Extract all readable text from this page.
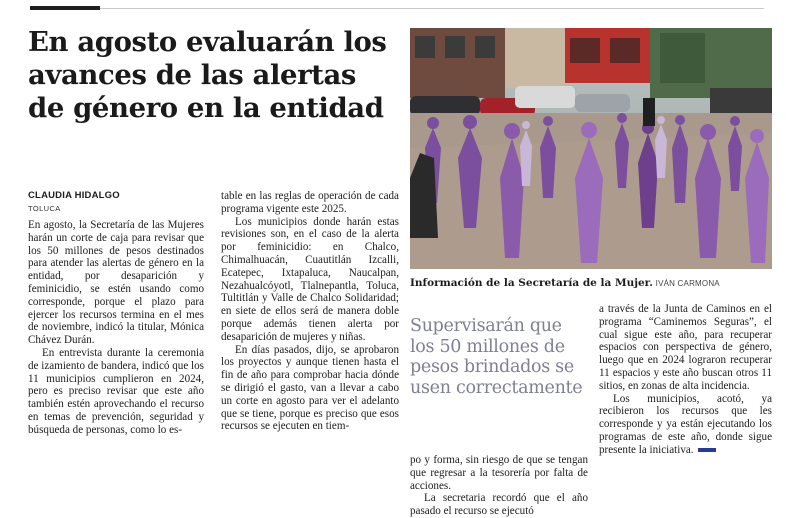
En agosto evaluarán los avances de las alertas de género en la entidad
CLAUDIA HIDALGO
TOLUCA

En agosto, la Secretaría de las Mujeres harán un corte de caja para revisar que los 50 millones de pesos destinados para atender las alertas de género en la entidad, por desaparición y feminicidio, se estén usando como corresponde, porque el plazo para ejercer los recursos termina en el mes de noviembre, indicó la titular, Mónica Chávez Durán.

En entrevista durante la ceremonia de izamiento de bandera, indicó que los 11 municipios cumplieron en 2024, pero es preciso revisar que este año también estén aprovechando el recurso en temas de prevención, seguridad y búsqueda de personas, como lo es-

table en las reglas de operación de cada programa vigente este 2025.

Los municipios donde harán estas revisiones son, en el caso de la alerta por feminicidio: en Chalco, Chimalhuacán, Cuautitlán Izcalli, Ecatepec, Ixtapaluca, Naucalpan, Nezahualcóyotl, Tlalnepantla, Toluca, Tultitlán y Valle de Chalco Solidaridad; en siete de ellos será de manera doble porque además tienen alerta por desaparición de mujeres y niñas.

En días pasados, dijo, se aprobaron los proyectos y aunque tienen hasta el fin de año para comprobar hacia dónde se dirigió el gasto, van a llevar a cabo un corte en agosto para ver el adelanto que se tiene, porque es preciso que esos recursos se ejecuten en tiem-

Información de la Secretaría de la Mujer. IVÁN CARMONA
Supervisarán que los 50 millones de pesos brindados se usen correctamente

po y forma, sin riesgo de que se tengan que regresar a la tesorería por falta de acciones.

La secretaria recordó que el año pasado el recurso se ejecutó

a través de la Junta de Caminos en el programa “Caminemos Seguras”, el cual sigue este año, para recuperar espacios con perspectiva de género, luego que en 2024 lograron recuperar 11 espacios y este año buscan otros 11 sitios, en zonas de alta incidencia.

Los municipios, acotó, ya recibieron los recursos que les corresponde y ya están ejecutando los programas de este año, donde sigue presente la iniciativa.
